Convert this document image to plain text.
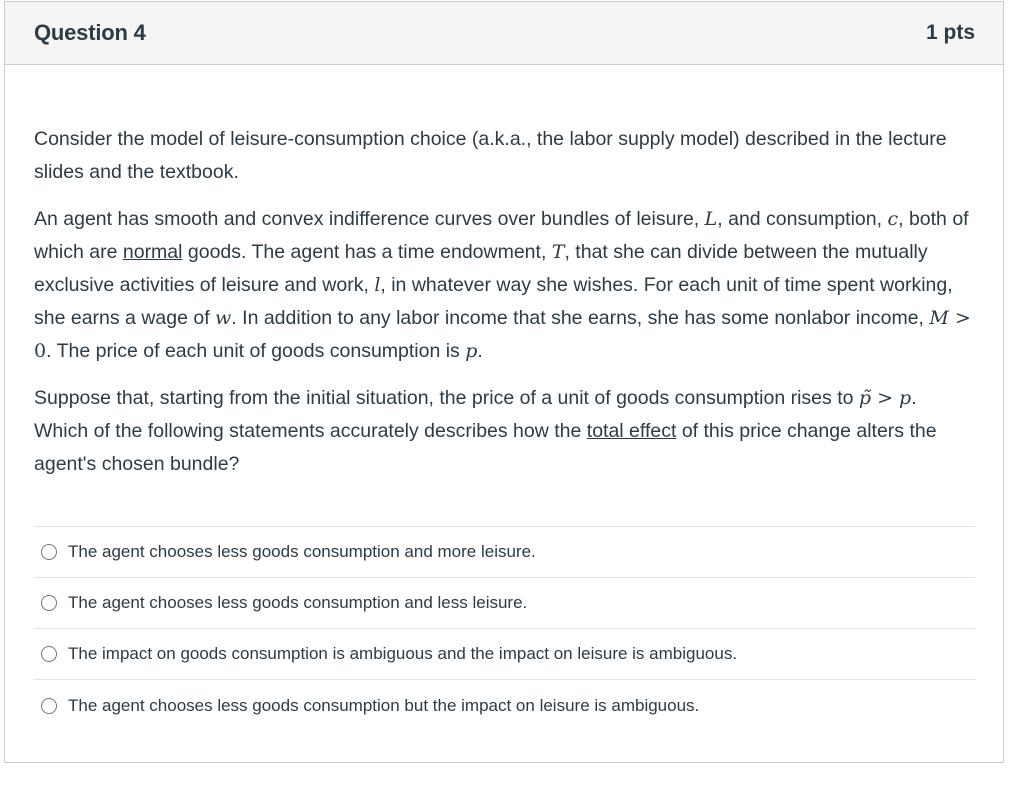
Question 4	1 pts

Consider the model of leisure-consumption choice (a.k.a., the labor supply model) described in the lecture slides and the textbook.

An agent has smooth and convex indifference curves over bundles of leisure, L, and consumption, c, both of which are normal goods. The agent has a time endowment, T, that she can divide between the mutually exclusive activities of leisure and work, l, in whatever way she wishes. For each unit of time spent working, she earns a wage of w. In addition to any labor income that she earns, she has some nonlabor income, M > 0. The price of each unit of goods consumption is p.

Suppose that, starting from the initial situation, the price of a unit of goods consumption rises to p̃ > p. Which of the following statements accurately describes how the total effect of this price change alters the agent's chosen bundle?

The agent chooses less goods consumption and more leisure.
The agent chooses less goods consumption and less leisure.
The impact on goods consumption is ambiguous and the impact on leisure is ambiguous.
The agent chooses less goods consumption but the impact on leisure is ambiguous.
